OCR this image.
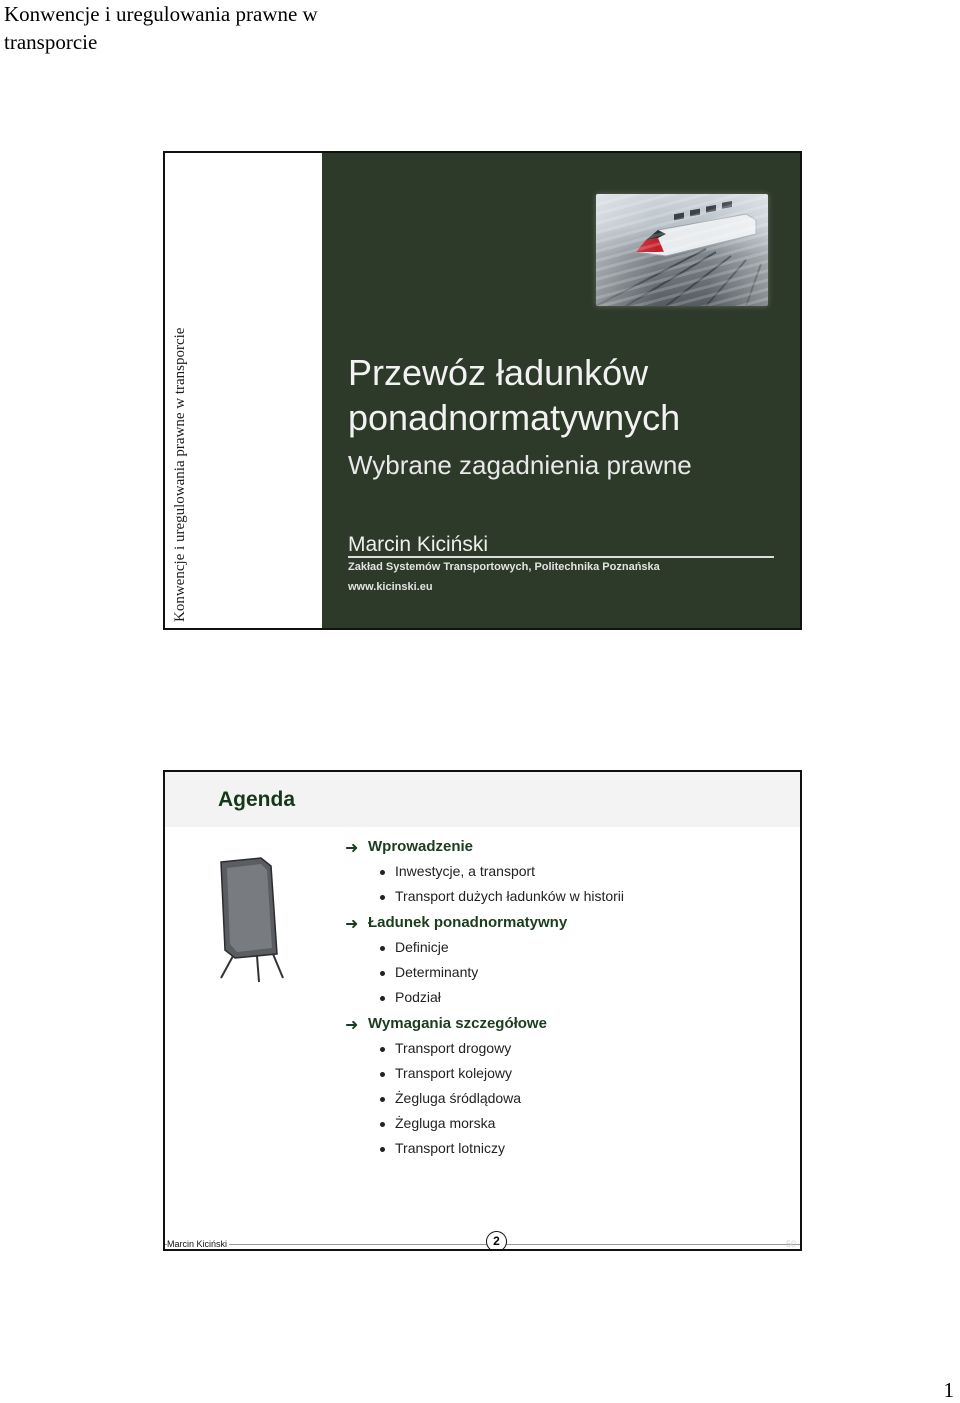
Konwencje i uregulowania prawne w transporcie
Konwencje i uregulowania prawne w transporcie	Przewóz ładunków ponadnormatywnych
Wybrane zagadnienia prawne
Marcin Kiciński
Zakład Systemów Transportowych, Politechnika Poznańska
www.kicinski.eu
Agenda
➜ Wprowadzenie
Inwestycje, a transport
Transport dużych ładunków w historii
➜ Ładunek ponadnormatywny
Definicje
Determinanty
Podział
➜ Wymagania szczegółowe
Transport drogowy
Transport kolejowy
Żegluga śródlądowa
Żegluga morska
Transport lotniczy
Marcin Kiciński	2	50
1
